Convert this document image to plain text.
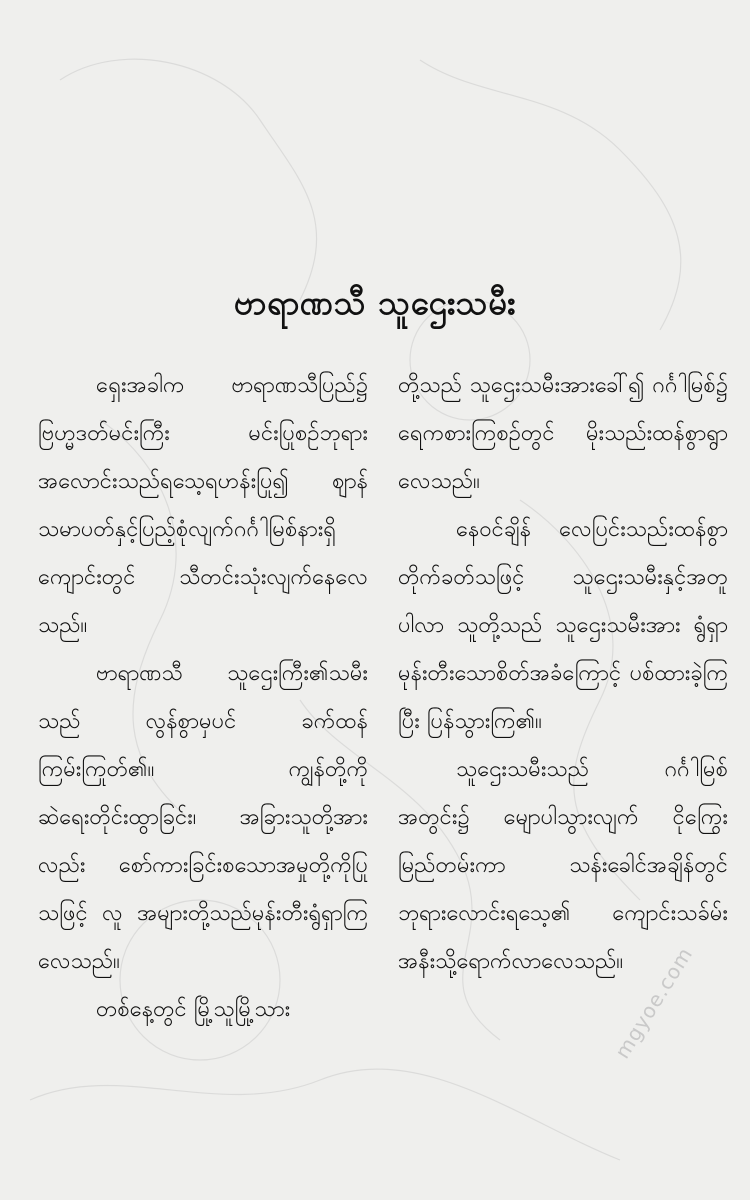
ဗာရာဏသီ သူဌေးသမီး

ရှေးအခါက ဗာရာဏသီပြည်၌ ဗြဟ္မဒတ်မင်းကြီး မင်းပြုစဉ်ဘုရားအလောင်းသည်ရသေ့ရဟန်းပြု၍ ဈာန်သမာပတ်နှင့်ပြည့်စုံလျက်ဂင်္ဂါမြစ်နားရှိကျောင်းတွင် သီတင်းသုံးလျက်နေလေသည်။

ဗာရာဏသီ သူဌေးကြီး၏သမီးသည် လွန်စွာမှပင် ခက်ထန်ကြမ်းကြုတ်၏။ ကျွန်တို့ကို ဆဲရေးတိုင်းထွာခြင်း၊ အခြားသူတို့အားလည်း စော်ကားခြင်းစသောအမှုတို့ကိုပြုသဖြင့် လူ အများတို့သည်မုန်းတီးရွံရှာကြလေသည်။

တစ်နေ့တွင် မြို့သူမြို့သား

တို့သည် သူဌေးသမီးအားခေါ်၍ ဂင်္ဂါမြစ်၌ ရေကစားကြစဉ်တွင် မိုးသည်းထန်စွာရွာလေသည်။

နေဝင်ချိန် လေပြင်းသည်းထန်စွာ တိုက်ခတ်သဖြင့် သူဌေးသမီးနှင့်အတူပါလာ သူတို့သည် သူဌေးသမီးအား ရွံရှာမုန်းတီးသောစိတ်အခံကြောင့် ပစ်ထားခဲ့ကြပြီး ပြန်သွားကြ၏။

သူဌေးသမီးသည် ဂင်္ဂါမြစ်အတွင်း၌ မျောပါသွားလျက် ငိုကြွေးမြည်တမ်းကာ သန်းခေါင်အချိန်တွင် ဘုရားလောင်းရသေ့၏ ကျောင်းသခ်မ်းအနီးသို့ရောက်လာလေသည်။

mgyoe.com
